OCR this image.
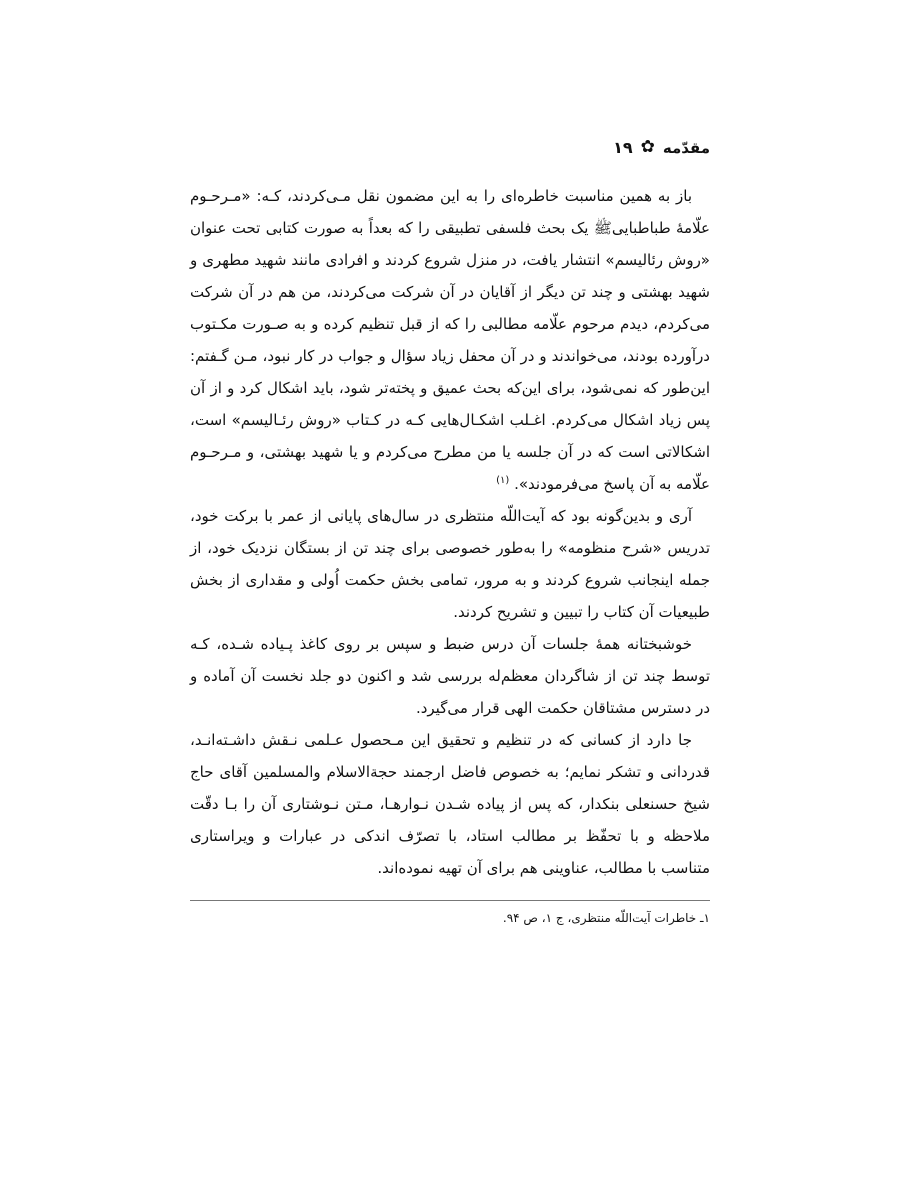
مقدّمه
✿
۱۹

باز به همین مناسبت خاطره‌ای را به این مضمون نقل مـی‌کردند، کـه: «مـرحـوم علّامهٔ طباطبایی‌ﷺ یک بحث فلسفی تطبیقی را که بعداً به صورت کتابی تحت عنوان «روش رئالیسم» انتشار یافت، در منزل شروع کردند و افرادی مانند شهید مطهری و شهید بهشتی و چند تن دیگر از آقایان در آن شرکت می‌کردند، من هم در آن شرکت می‌کردم، دیدم مرحوم علّامه مطالبی را که از قبل تنظیم کرده و به صـورت مکـتوب درآورده بودند، می‌خواندند و در آن محفل زیاد سؤال و جواب در کار نبود، مـن گـفتم: این‌طور که نمی‌شود، برای این‌که بحث عمیق و پخته‌تر شود، باید اشکال کرد و از آن پس زیاد اشکال می‌کردم. اغـلب اشکـال‌هایی کـه در کـتاب «روش رئـالیسم» است، اشکالاتی است که در آن جلسه یا من مطرح می‌کردم و یا شهید بهشتی، و مـرحـوم علّامه به آن پاسخ می‌فرمودند». $^{(۱)}$

آری و بدین‌گونه بود که آیت‌اللّه منتظری در سال‌های پایانی از عمر با برکت خود، تدریس «شرح منظومه» را به‌طور خصوصی برای چند تن از بستگان نزدیک خود، از جمله اینجانب شروع کردند و به مرور، تمامی بخش حکمت اُولی و مقداری از بخش طبیعیات آن کتاب را تبیین و تشریح کردند.

خوشبختانه همهٔ جلسات آن درس ضبط و سپس بر روی کاغذ پـیاده شـده، کـه توسط چند تن از شاگردان معظم‌له بررسی شد و اکنون دو جلد نخست آن آماده و در دسترس مشتاقان حکمت الهی قرار می‌گیرد.

جا دارد از کسانی که در تنظیم و تحقیق این مـحصول عـلمی نـقش داشـته‌انـد، قدردانی و تشکر نمایم؛ به خصوص فاضل ارجمند حجةالاسلام والمسلمین آقای حاج شیخ حسنعلی بنکدار، که پس از پیاده شـدن نـوارهـا، مـتن نـوشتاری آن را بـا دقّت ملاحظه و با تحفّظ بر مطالب استاد، با تصرّف اندکی در عبارات و ویراستاری متناسب با مطالب، عناوینی هم برای آن تهیه نموده‌اند.

۱ـ خاطرات آیت‌اللّه منتظری، ج ۱، ص ۹۴.
